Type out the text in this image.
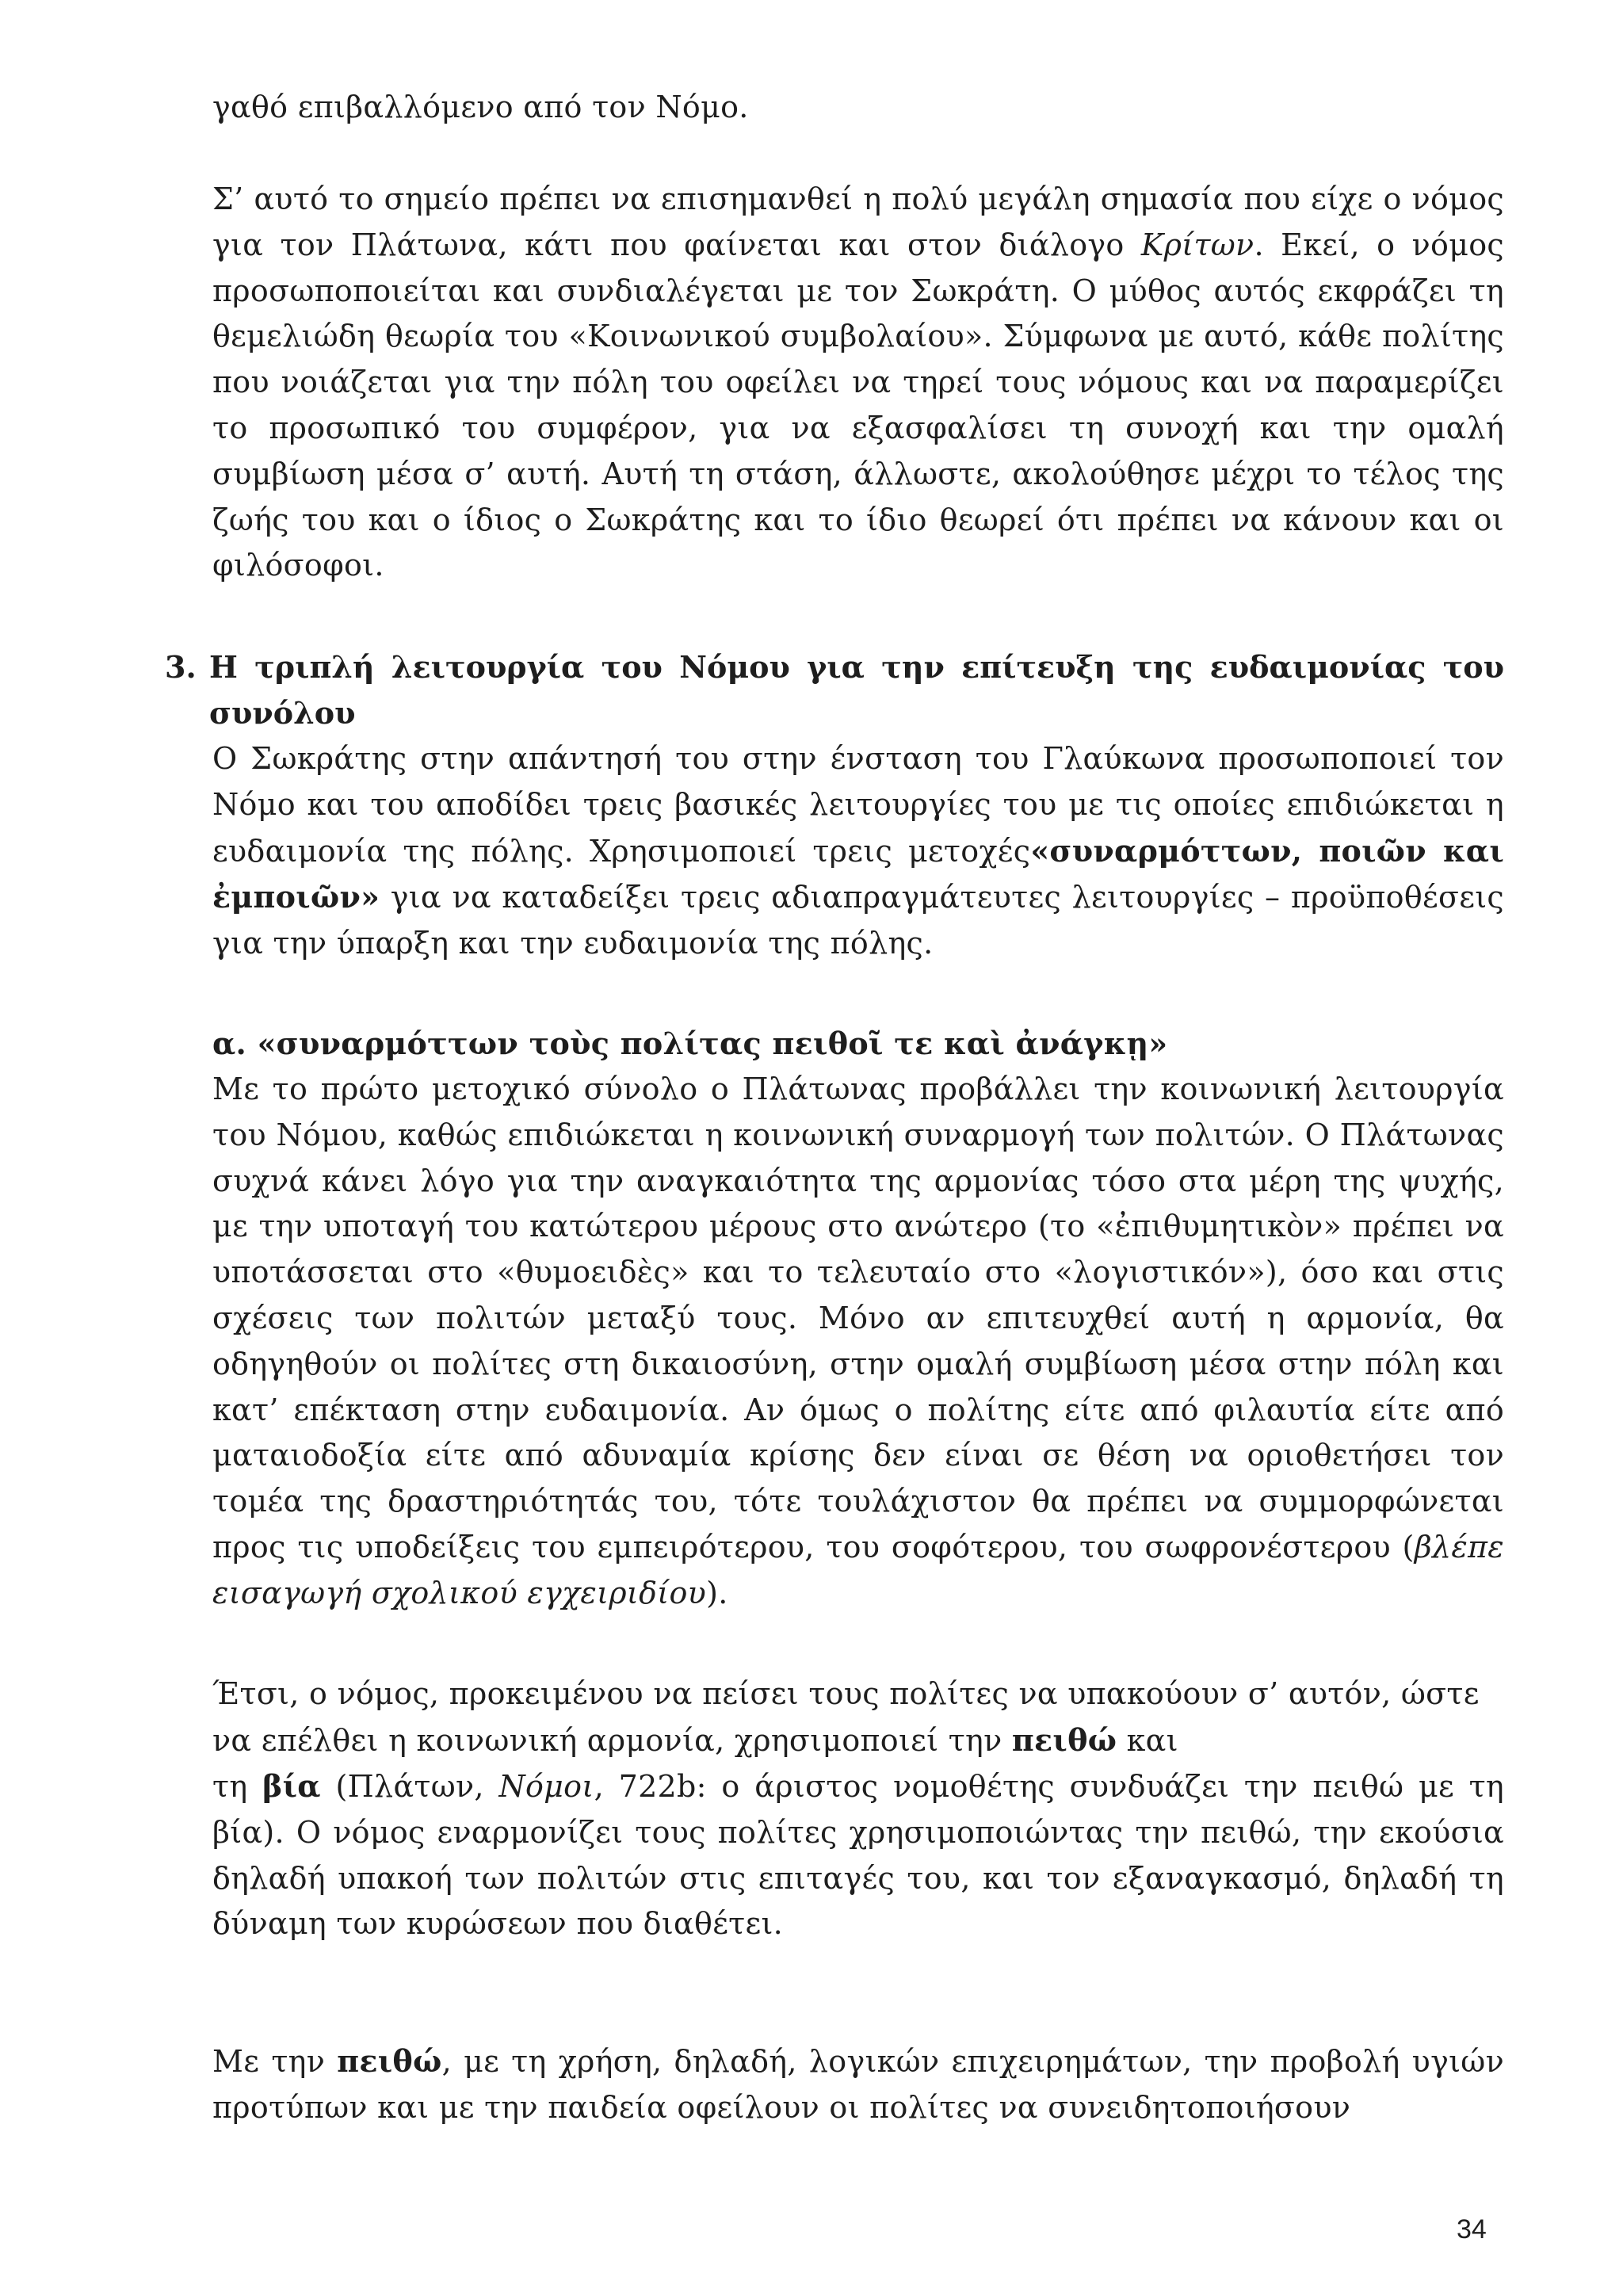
γαθό επιβαλλόμενο από τον Νόμο.

Σ’ αυτό το σημείο πρέπει να επισημανθεί η πολύ μεγάλη σημασία που είχε ο νόμος για τον Πλάτωνα, κάτι που φαίνεται και στον διάλογο Κρίτων. Εκεί, ο νόμος προσωποποιείται και συνδιαλέγεται με τον Σωκράτη. Ο μύθος αυτός εκφράζει τη θεμελιώδη θεωρία του «Κοινωνικού συμβολαίου». Σύμφωνα με αυτό, κάθε πολίτης που νοιάζεται για την πόλη του οφείλει να τηρεί τους νόμους και να παραμερίζει το προσωπικό του συμφέρον, για να εξασφαλίσει τη συνοχή και την ομαλή συμβίωση μέσα σ’ αυτή. Αυτή τη στάση, άλλωστε, ακολούθησε μέχρι το τέλος της ζωής του και ο ίδιος ο Σωκράτης και το ίδιο θεωρεί ότι πρέπει να κάνουν και οι φιλόσοφοι.

3. Η τριπλή λειτουργία του Νόμου για την επίτευξη της ευδαιμονίας του συνόλου

Ο Σωκράτης στην απάντησή του στην ένσταση του Γλαύκωνα προσωποποιεί τον Νόμο και του αποδίδει τρεις βασικές λειτουργίες του με τις οποίες επιδιώκεται η ευδαιμονία της πόλης. Χρησιμοποιεί τρεις μετοχές«συναρμόττων, ποιῶν και ἐμποιῶν» για να καταδείξει τρεις αδιαπραγμάτευτες λειτουργίες – προϋποθέσεις για την ύπαρξη και την ευδαιμονία της πόλης.

α. «συναρμόττων τοὺς πολίτας πειθοῖ τε καὶ ἀνάγκῃ»

Με το πρώτο μετοχικό σύνολο ο Πλάτωνας προβάλλει την κοινωνική λειτουργία του Νόμου, καθώς επιδιώκεται η κοινωνική συναρμογή των πολιτών. Ο Πλάτωνας συχνά κάνει λόγο για την αναγκαιότητα της αρμονίας τόσο στα μέρη της ψυχής, με την υποταγή του κατώτερου μέρους στο ανώτερο (το «ἐπιθυμητικὸν» πρέπει να υποτάσσεται στο «θυμοειδὲς» και το τελευταίο στο «λογιστικόν»), όσο και στις σχέσεις των πολιτών μεταξύ τους. Μόνο αν επιτευχθεί αυτή η αρμονία, θα οδηγηθούν οι πολίτες στη δικαιοσύνη, στην ομαλή συμβίωση μέσα στην πόλη και κατ’ επέκταση στην ευδαιμονία. Αν όμως ο πολίτης είτε από φιλαυτία είτε από ματαιοδοξία είτε από αδυναμία κρίσης δεν είναι σε θέση να οριοθετήσει τον τομέα της δραστηριότητάς του, τότε τουλάχιστον θα πρέπει να συμμορφώνεται προς τις υποδείξεις του εμπειρότερου, του σοφότερου, του σωφρονέστερου (βλέπε εισαγωγή σχολικού εγχειριδίου).

Έτσι, ο νόμος, προκειμένου να πείσει τους πολίτες να υπακούουν σ’ αυτόν, ώστε να επέλθει η κοινωνική αρμονία, χρησιμοποιεί την πειθώ και

τη βία (Πλάτων, Νόμοι, 722b: ο άριστος νομοθέτης συνδυάζει την πειθώ με τη βία). Ο νόμος εναρμονίζει τους πολίτες χρησιμοποιώντας την πειθώ, την εκούσια δηλαδή υπακοή των πολιτών στις επιταγές του, και τον εξαναγκασμό, δηλαδή τη δύναμη των κυρώσεων που διαθέτει.

Με την πειθώ, με τη χρήση, δηλαδή, λογικών επιχειρημάτων, την προβολή υγιών προτύπων και με την παιδεία οφείλουν οι πολίτες να συνειδητοποιήσουν

34
